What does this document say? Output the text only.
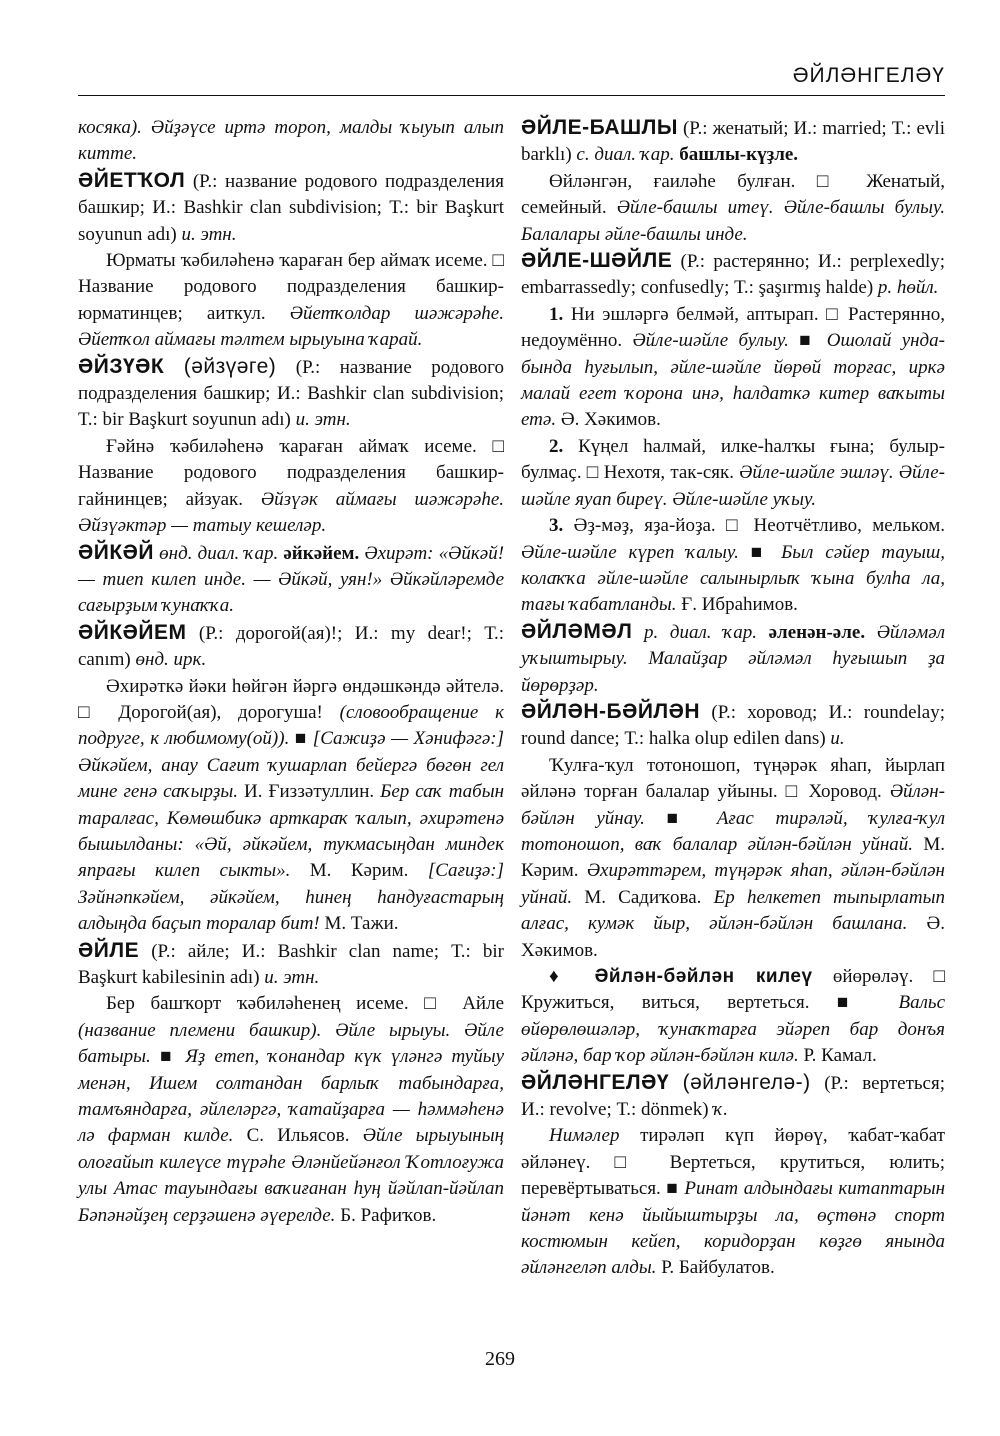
ӘЙЛӘНГЕЛӘҮ

косяка). Әйҙәүсе иртә тороп, малды ҡыуып алып китте.

ӘЙЕТҠОЛ (Р.: название родового подразделения башкир; И.: Bashkir clan subdivision; Т.: bir Başkurt soyunun adı) и. этн.

Юрматы ҡәбиләһенә ҡараған бер аймаҡ исеме. □ Название родового подразделения башкир-юрматинцев; аиткул. Әйетҡолдар шәжәрәһе. Әйетҡол аймағы тәлтем ырыуына ҡарай.

ӘЙЗҮӘК (әйзүәге) (Р.: название родового подразделения башкир; И.: Bashkir clan subdivision; Т.: bir Başkurt soyunun adı) и. этн.

Ғәйнә ҡәбиләһенә ҡараған аймаҡ исеме. □ Название родового подразделения башкир-гайнинцев; айзуак. Әйзүәк аймағы шәжәрәһе. Әйзүәктәр — татыу кешеләр.

ӘЙКӘЙ өнд. диал. ҡар. әйкәйем. Әхирәт: «Әйкәй! — тиеп килеп инде. — Әйкәй, уян!» Әйкәйләремде сағырҙым ҡунаҡҡа.

ӘЙКӘЙЕМ (Р.: дорогой(ая)!; И.: my dear!; Т.: canım) өнд. ирк.

Әхирәткә йәки һөйгән йәргә өндәшкәндә әйтелә. □ Дорогой(ая), дорогуша! (словообращение к подруге, к любимому(ой)). ■ [Сажиҙә — Хәнифәгә:] Әйкәйем, анау Сағит ҡушарлап бейергә бөгөн гел мине генә саҡырҙы. И. Ғиззәтуллин. Бер саҡ табын таралғас, Көмөшбикә арткараҡ ҡалып, әхирәтенә бышылданы: «Әй, әйкәйем, тукмасыңдан миндек япрағы килеп сыкты». М. Кәрим. [Сағиҙә:] Зәйнәпкәйем, әйкәйем, һинең һандуғастарың алдыңда баҫып торалар бит! М. Тажи.

ӘЙЛЕ (Р.: айле; И.: Bashkir clan name; Т.: bir Başkurt kabilesinin adı) и. этн.

Бер башҡорт ҡәбиләһенең исеме. □ Айле (название племени башкир). Әйле ырыуы. Әйле батыры. ■ Яҙ етеп, ҡонандар күк үләнгә туйыу менән, Ишем солтандан барлыҡ табындарға, тамъяндарға, әйлеләргә, ҡатайҙарға — һәммәһенә лә фарман килде. С. Ильясов. Әйле ырыуының олоғайып килеүсе түрәһе Әләнйейәнғол Ҡотлоғужа улы Атас тауындағы ваҡиғанан һуң йәйлап-йәйлап Бәпәнәйҙең серҙәшенә әүерелде. Б. Рафиҡов.

ӘЙЛЕ-БАШЛЫ (Р.: женатый; И.: married; Т.: evli barklı) с. диал. ҡар. башлы-күҙле.

Өйләнгән, ғаиләһе булған. □ Женатый, семейный. Әйле-башлы итеү. Әйле-башлы булыу. Балалары әйле-башлы инде.

ӘЙЛЕ-ШӘЙЛЕ (Р.: растерянно; И.: perplexedly; embarrassedly; confusedly; Т.: şaşırmış halde) р. һөйл.

1. Ни эшләргә белмәй, аптырап. □ Растерянно, недоумённо. Әйле-шәйле булыу. ■ Ошолай унда-бында һуғылып, әйле-шәйле йөрөй торғас, иркә малай егет ҡорона инә, һалдаткә китер ваҡыты етә. Ә. Хәкимов.

2. Күңел һалмай, илке-һалҡы ғына; булыр-булмаҫ. □ Нехотя, так-сяк. Әйле-шәйле эшләү. Әйле-шәйле яуап биреү. Әйле-шәйле уҡыу.

3. Әҙ-мәҙ, яҙа-йоҙа. □ Неотчётливо, мельком. Әйле-шәйле күреп ҡалыу. ■ Был сәйер тауыш, колаҡҡа әйле-шәйле салынырлыҡ ҡына булһа ла, тағы ҡабатланды. Ғ. Ибраһимов.

ӘЙЛӘМӘЛ р. диал. ҡар. әленән-әле. Әйләмәл уҡыштырыу. Малайҙар әйләмәл һуғышып ҙа йөрөрҙәр.

ӘЙЛӘН-БӘЙЛӘН (Р.: хоровод; И.: roundelay; round dance; Т.: halka olup edilen dans) и.

Ҡулға-ҡул тотоношоп, түңәрәк яһап, йырлап әйләнә торған балалар уйыны. □ Хоровод. Әйлән-бәйлән уйнау. ■ Ағас тирәләй, ҡулға-ҡул тотоношоп, ваҡ балалар әйлән-бәйлән уйнай. М. Кәрим. Әхирәттәрем, түңәрәк яһап, әйлән-бәйлән уйнай. М. Садиҡова. Ер һелкетеп тыпырлатып алғас, кумәк йыр, әйлән-бәйлән башлана. Ә. Хәкимов.

♦ Әйлән-бәйлән килеү өйөрөләү. □ Кружиться, виться, вертеться. ■ Вальс өйөрөлөшәләр, ҡунаҡтарға эйәреп бар донъя әйләнә, бар ҡор әйлән-бәйлән килә. Р. Камал.

ӘЙЛӘНГЕЛӘҮ (әйләнгелә-) (Р.: вертеться; И.: revolve; Т.: dönmek) ҡ.

Нимәлер тирәләп күп йөрөү, ҡабат-ҡабат әйләнеү. □ Вертеться, крутиться, юлить; перевёртываться. ■ Ринат алдындағы китаптарын йәнәт кенә йыйыштырҙы ла, өҫтөнә спорт костюмын кейеп, коридорҙан көҙгө янында әйләнгеләп алды. Р. Байбулатов.

269
